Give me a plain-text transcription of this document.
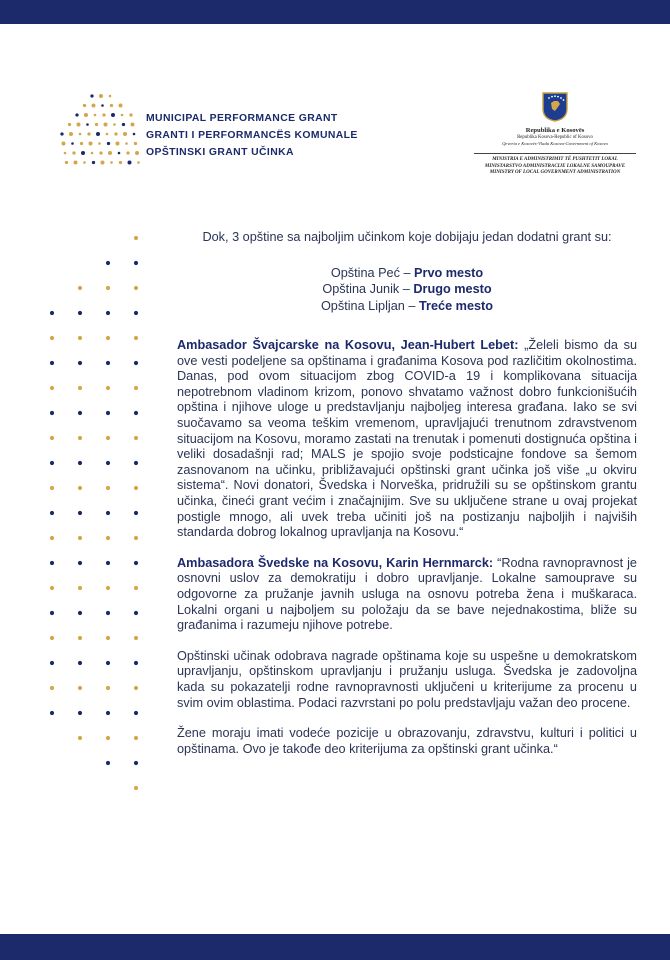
MUNICIPAL PERFORMANCE GRANT
GRANTI I PERFORMANCËS KOMUNALE
OPŠTINSKI GRANT UČINKA
Republika e Kosovës
Republika Kosova-Republic of Kosovo
Qeveria e Kosovës-Vlada Kosova-Government of Kosovo
MINISTRIA E ADMINISTRIMIT TË PUSHTETIT LOKAL
MINISTARSTVO ADMINISTRACIJE LOKALNE SAMOUPRAVE
MINISTRY OF LOCAL GOVERNMENT ADMINISTRATION

Dok, 3 opštine sa najboljim učinkom koje dobijaju jedan dodatni grant su:

Opština Peć – Prvo mesto
Opština Junik – Drugo mesto
Opština Lipljan – Treće mesto

Ambasador Švajcarske na Kosovu, Jean-Hubert Lebet: „Želeli bismo da su ove vesti podeljene sa opštinama i građanima Kosova pod različitim okolnostima. Danas, pod ovom situacijom zbog COVID-a 19 i komplikovana situacija nepotrebnom vladinom krizom, ponovo shvatamo važnost dobro funkcionišućih opština i njihove uloge u predstavljanju najboljeg interesa građana. Iako se svi suočavamo sa veoma teškim vremenom, upravljajući trenutnom zdravstvenom situacijom na Kosovu, moramo zastati na trenutak i pomenuti dostignuća opština i veliki dosadašnji rad; MALS je spojio svoje podsticajne fondove sa šemom zasnovanom na učinku, približavajući opštinski grant učinka još više „u okviru sistema“. Novi donatori, Švedska i Norveška, pridružili su se opštinskom grantu učinka, čineći grant većim i značajnijim. Sve su uključene strane u ovaj projekat postigle mnogo, ali uvek treba učiniti još na postizanju najboljih i najviših standarda dobrog lokalnog upravljanja na Kosovu.“

Ambasadora Švedske na Kosovu, Karin Hernmarck: “Rodna ravnopravnost je osnovni uslov za demokratiju i dobro upravljanje. Lokalne samouprave su odgovorne za pružanje javnih usluga na osnovu potreba žena i muškaraca. Lokalni organi u najboljem su položaju da se bave nejednakostima, bliže su građanima i razumeju njihove potrebe.

Opštinski učinak odobrava nagrade opštinama koje su uspešne u demokratskom upravljanju, opštinskom upravljanju i pružanju usluga. Švedska je zadovoljna kada su pokazatelji rodne ravnopravnosti uključeni u kriterijume za procenu u svim ovim oblastima. Podaci razvrstani po polu predstavljaju važan deo procene.

Žene moraju imati vodeće pozicije u obrazovanju, zdravstvu, kulturi i politici u opštinama. Ovo je takođe deo kriterijuma za opštinski grant učinka.“
